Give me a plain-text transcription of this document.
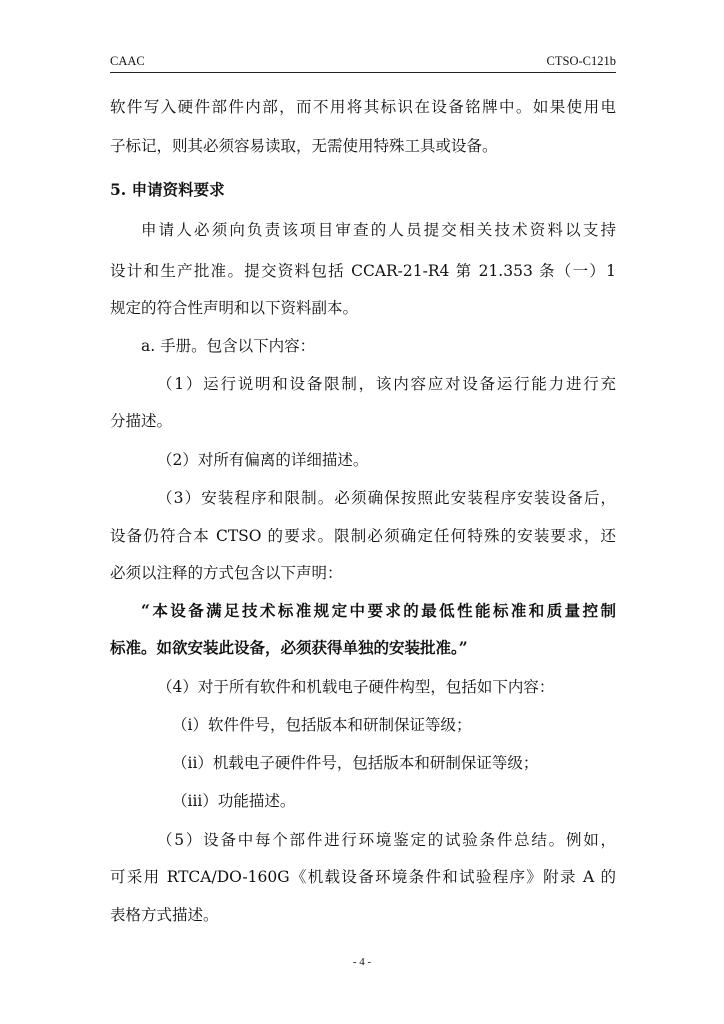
CAAC	CTSO-C121b
软件写入硬件部件内部，而不用将其标识在设备铭牌中。如果使用电
子标记，则其必须容易读取，无需使用特殊工具或设备。
5. 申请资料要求
申请人必须向负责该项目审查的人员提交相关技术资料以支持
设计和生产批准。提交资料包括 CCAR-21-R4 第 21.353 条（一）1
规定的符合性声明和以下资料副本。
a. 手册。包含以下内容：
（1）运行说明和设备限制，该内容应对设备运行能力进行充
分描述。
（2）对所有偏离的详细描述。
（3）安装程序和限制。必须确保按照此安装程序安装设备后，
设备仍符合本 CTSO 的要求。限制必须确定任何特殊的安装要求，还
必须以注释的方式包含以下声明：
“本设备满足技术标准规定中要求的最低性能标准和质量控制
标准。如欲安装此设备，必须获得单独的安装批准。”
（4）对于所有软件和机载电子硬件构型，包括如下内容：
（i）软件件号，包括版本和研制保证等级；
（ii）机载电子硬件件号，包括版本和研制保证等级；
（iii）功能描述。
（5）设备中每个部件进行环境鉴定的试验条件总结。例如，
可采用 RTCA/DO-160G《机载设备环境条件和试验程序》附录 A 的
表格方式描述。
- 4 -
